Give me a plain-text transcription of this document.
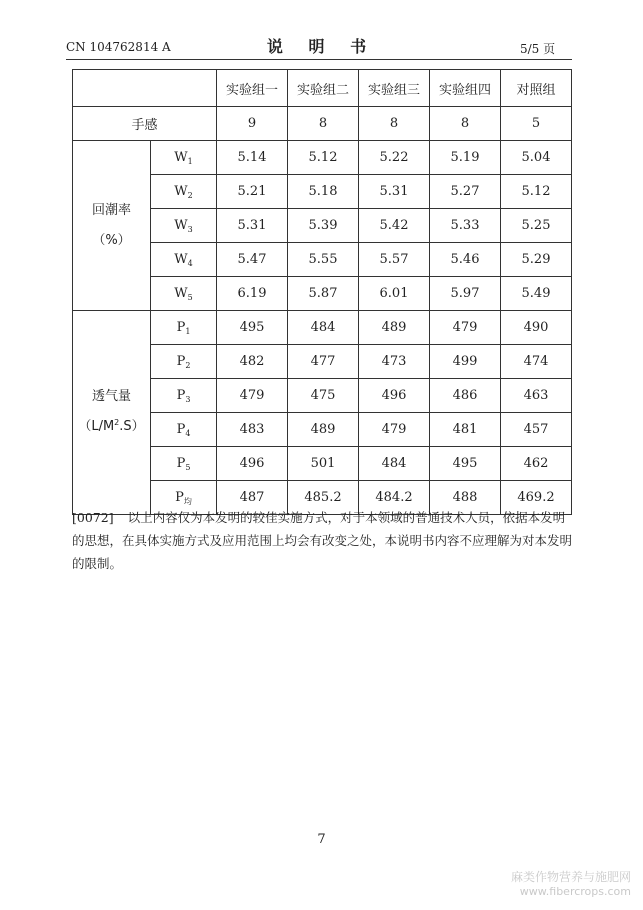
CN 104762814 A	说 明 书	5/5 页
		实验组一	实验组二	实验组三	实验组四	对照组
手感		9	8	8	8	5

回潮率
（%）	$W_1$	5.14	5.12	5.22	5.19	5.04
	$W_2$	5.21	5.18	5.31	5.27	5.12
	$W_3$	5.31	5.39	5.42	5.33	5.25
	$W_4$	5.47	5.55	5.57	5.46	5.29
	$W_5$	6.19	5.87	6.01	5.97	5.49

透气量
$(L/M^2.S)$	$P_1$	495	484	489	479	490
	$P_2$	482	477	473	499	474
	$P_3$	479	475	496	486	463
	$P_4$	483	489	479	481	457
	$P_5$	496	501	484	495	462
	$P_均$	487	485.2	484.2	488	469.2
[0072] 以上内容仅为本发明的较佳实施方式，对于本领域的普通技术人员，依据本发明的思想，在具体实施方式及应用范围上均会有改变之处，本说明书内容不应理解为对本发明的限制。
7
麻类作物营养与施肥网
www.fibercrops.com
